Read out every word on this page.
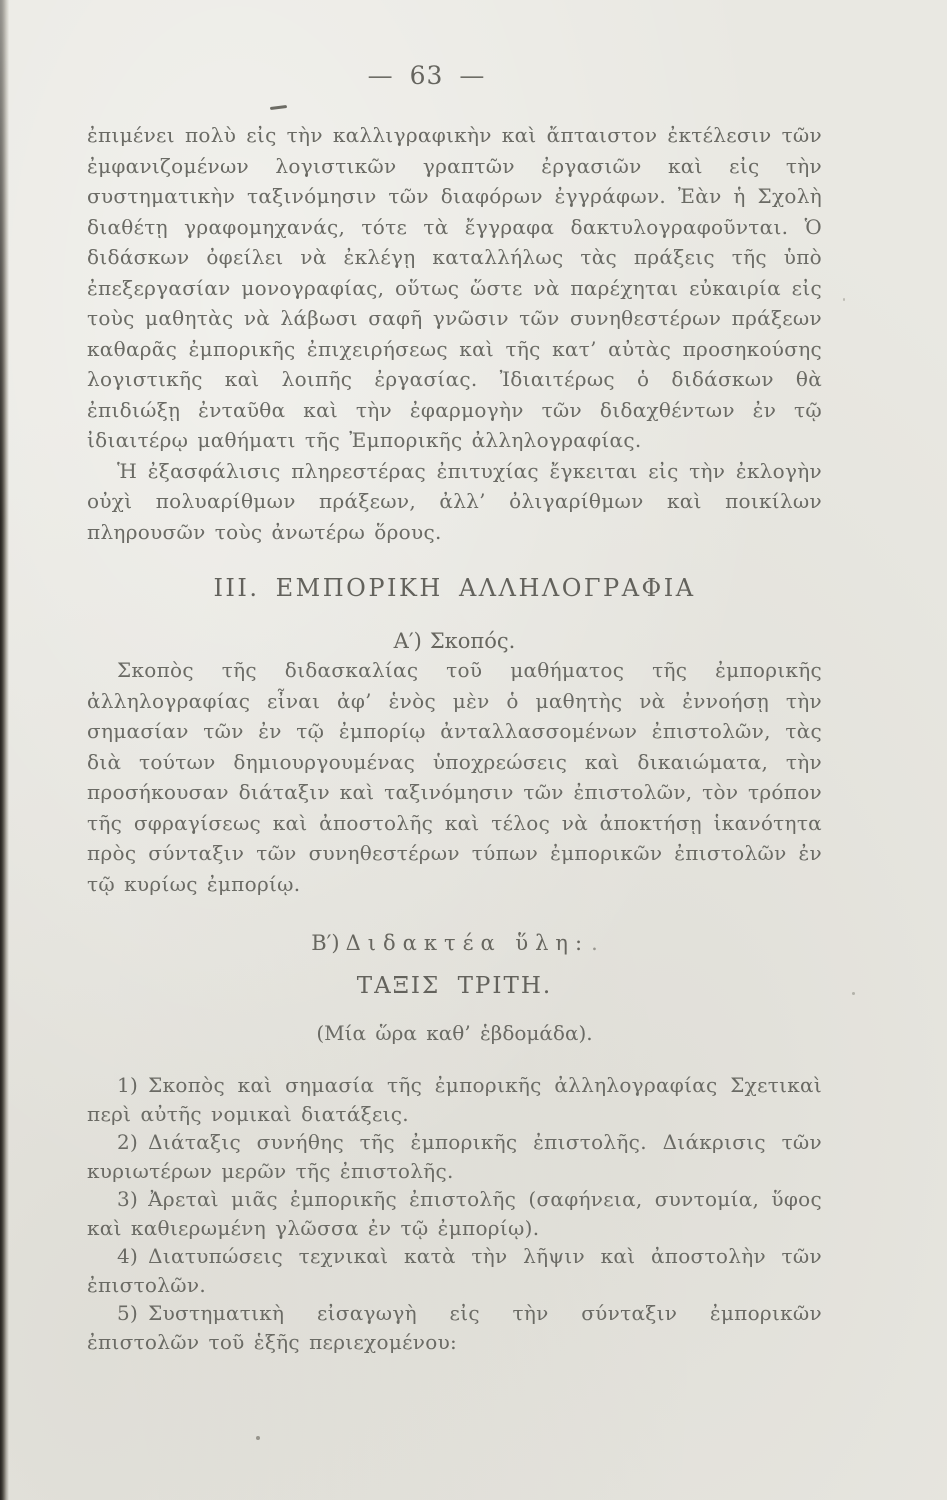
— 63 —

ἐπιμένει πολὺ εἰς τὴν καλλιγραφικὴν καὶ ἄπταιστον ἐκτέλεσιν τῶν ἐμφανιζομένων λογιστικῶν γραπτῶν ἐργασιῶν καὶ εἰς τὴν συστηματικὴν ταξινόμησιν τῶν διαφόρων ἐγγράφων. Ἐὰν ἡ Σχολὴ διαθέτῃ γραφομηχανάς, τότε τὰ ἔγγραφα δακτυλογραφοῦνται. Ὁ διδάσκων ὀφείλει νὰ ἐκλέγῃ καταλλήλως τὰς πράξεις τῆς ὑπὸ ἐπεξεργασίαν μονογραφίας, οὕτως ὥστε νὰ παρέχηται εὐκαιρία εἰς τοὺς μαθητὰς νὰ λάβωσι σαφῆ γνῶσιν τῶν συνηθεστέρων πράξεων καθαρᾶς ἐμπορικῆς ἐπιχειρήσεως καὶ τῆς κατ’ αὐτὰς προσηκούσης λογιστικῆς καὶ λοιπῆς ἐργασίας. Ἰδιαιτέρως ὁ διδάσκων θὰ ἐπιδιώξῃ ἐνταῦθα καὶ τὴν ἐφαρμογὴν τῶν διδαχθέντων ἐν τῷ ἰδιαιτέρῳ μαθήματι τῆς Ἐμπορικῆς ἀλληλογραφίας.

Ἡ ἐξασφάλισις πληρεστέρας ἐπιτυχίας ἔγκειται εἰς τὴν ἐκλογὴν οὐχὶ πολυαρίθμων πράξεων, ἀλλ’ ὀλιγαρίθμων καὶ ποικίλων πληρουσῶν τοὺς ἀνωτέρω ὅρους.

III. ΕΜΠΟΡΙΚΗ ΑΛΛΗΛΟΓΡΑΦΙΑ
Α′) Σκοπός.

Σκοπὸς τῆς διδασκαλίας τοῦ μαθήματος τῆς ἐμπορικῆς ἀλληλογραφίας εἶναι ἀφ’ ἑνὸς μὲν ὁ μαθητὴς νὰ ἐννοήσῃ τὴν σημασίαν τῶν ἐν τῷ ἐμπορίῳ ἀνταλλασσομένων ἐπιστολῶν, τὰς διὰ τούτων δημιουργουμένας ὑποχρεώσεις καὶ δικαιώματα, τὴν προσήκουσαν διάταξιν καὶ ταξινόμησιν τῶν ἐπιστολῶν, τὸν τρόπον τῆς σφραγίσεως καὶ ἀποστολῆς καὶ τέλος νὰ ἀποκτήσῃ ἱκανότητα πρὸς σύνταξιν τῶν συνηθεστέρων τύπων ἐμπορικῶν ἐπιστολῶν ἐν τῷ κυρίως ἐμπορίῳ.

Β′) Διδακτέα ὕλη:.
ΤΑΞΙΣ ΤΡΙΤΗ.
(Μία ὥρα καθ’ ἑβδομάδα).

1) Σκοπὸς καὶ σημασία τῆς ἐμπορικῆς ἀλληλογραφίας Σχετικαὶ περὶ αὐτῆς νομικαὶ διατάξεις.

2) Διάταξις συνήθης τῆς ἐμπορικῆς ἐπιστολῆς. Διάκρισις τῶν κυριωτέρων μερῶν τῆς ἐπιστολῆς.

3) Ἀρεταὶ μιᾶς ἐμπορικῆς ἐπιστολῆς (σαφήνεια, συντομία, ὕφος καὶ καθιερωμένη γλῶσσα ἐν τῷ ἐμπορίῳ).

4) Διατυπώσεις τεχνικαὶ κατὰ τὴν λῆψιν καὶ ἀποστολὴν τῶν ἐπιστολῶν.

5) Συστηματικὴ εἰσαγωγὴ εἰς τὴν σύνταξιν ἐμπορικῶν ἐπιστολῶν τοῦ ἑξῆς περιεχομένου:
